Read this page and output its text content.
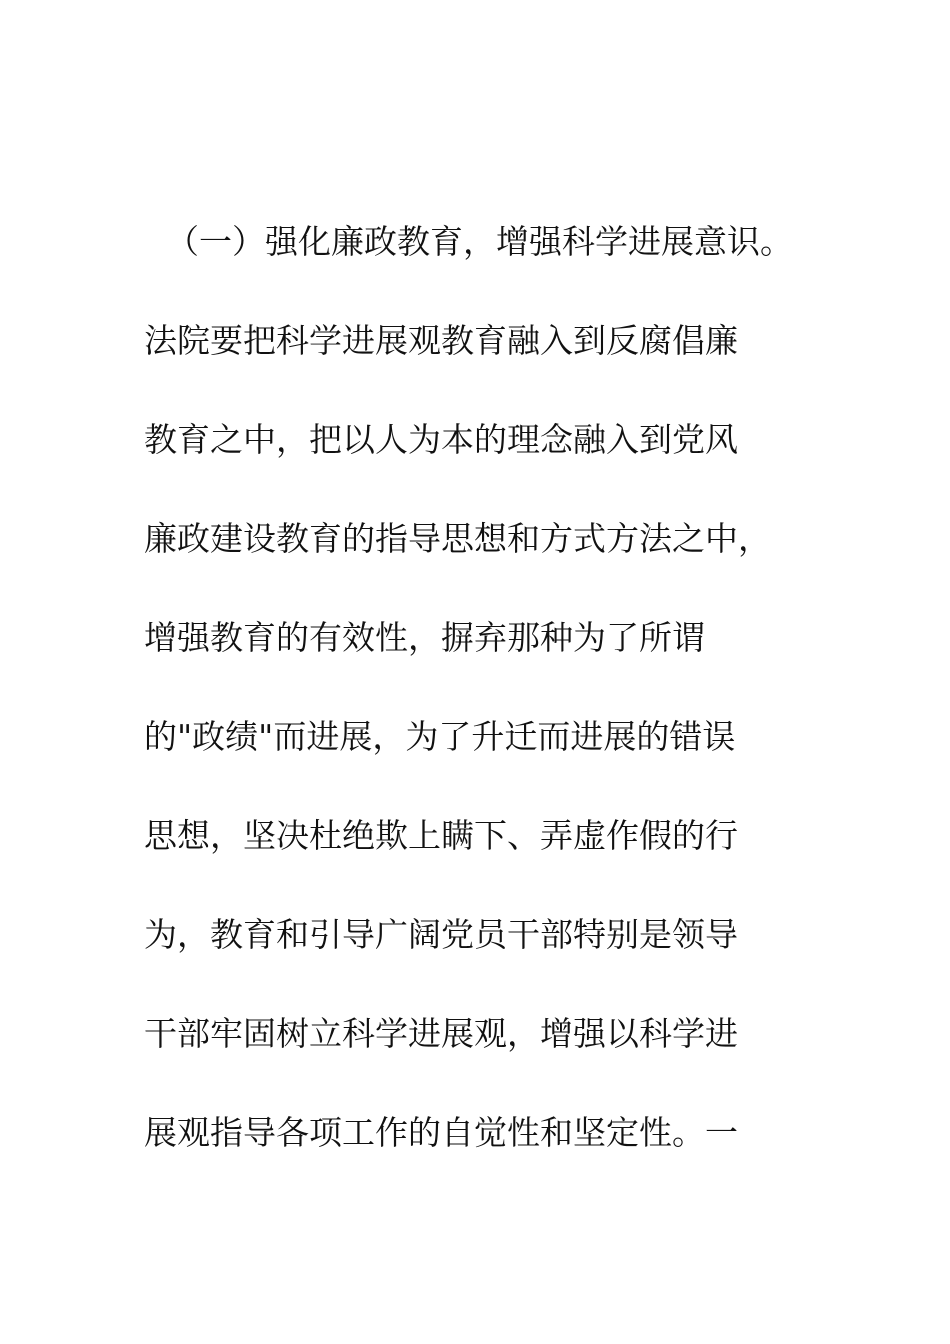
（一）强化廉政教育，增强科学进展意识。
法院要把科学进展观教育融入到反腐倡廉
教育之中，把以人为本的理念融入到党风
廉政建设教育的指导思想和方式方法之中，
增强教育的有效性，摒弃那种为了所谓
的"政绩"而进展，为了升迁而进展的错误
思想，坚决杜绝欺上瞒下、弄虚作假的行
为，教育和引导广阔党员干部特别是领导
干部牢固树立科学进展观，增强以科学进
展观指导各项工作的自觉性和坚定性。一
